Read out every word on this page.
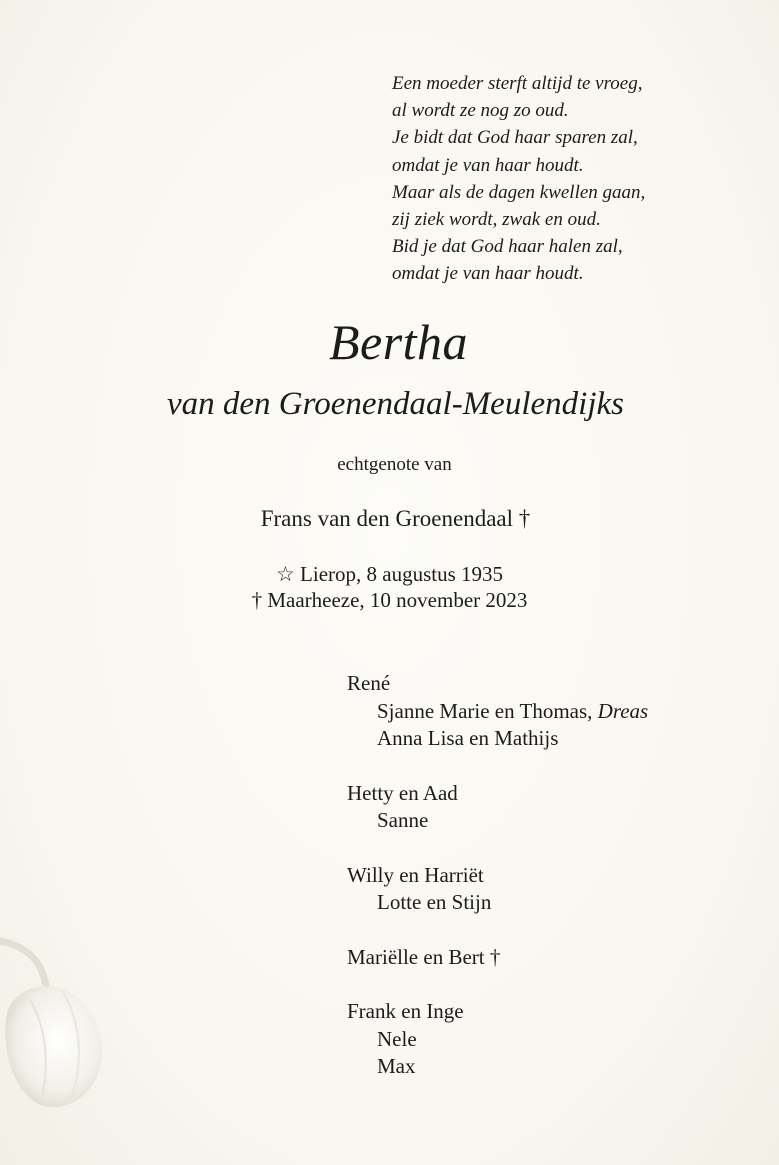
Een moeder sterft altijd te vroeg,
al wordt ze nog zo oud.
Je bidt dat God haar sparen zal,
omdat je van haar houdt.
Maar als de dagen kwellen gaan,
zij ziek wordt, zwak en oud.
Bid je dat God haar halen zal,
omdat je van haar houdt.
Bertha
van den Groenendaal-Meulendijks
echtgenote van
Frans van den Groenendaal †
☆ Lierop, 8 augustus 1935
† Maarheeze, 10 november 2023
René
Sjanne Marie en Thomas, Dreas
Anna Lisa en Mathijs
Hetty en Aad
Sanne
Willy en Harriët
Lotte en Stijn
Mariëlle en Bert †
Frank en Inge
Nele
Max
